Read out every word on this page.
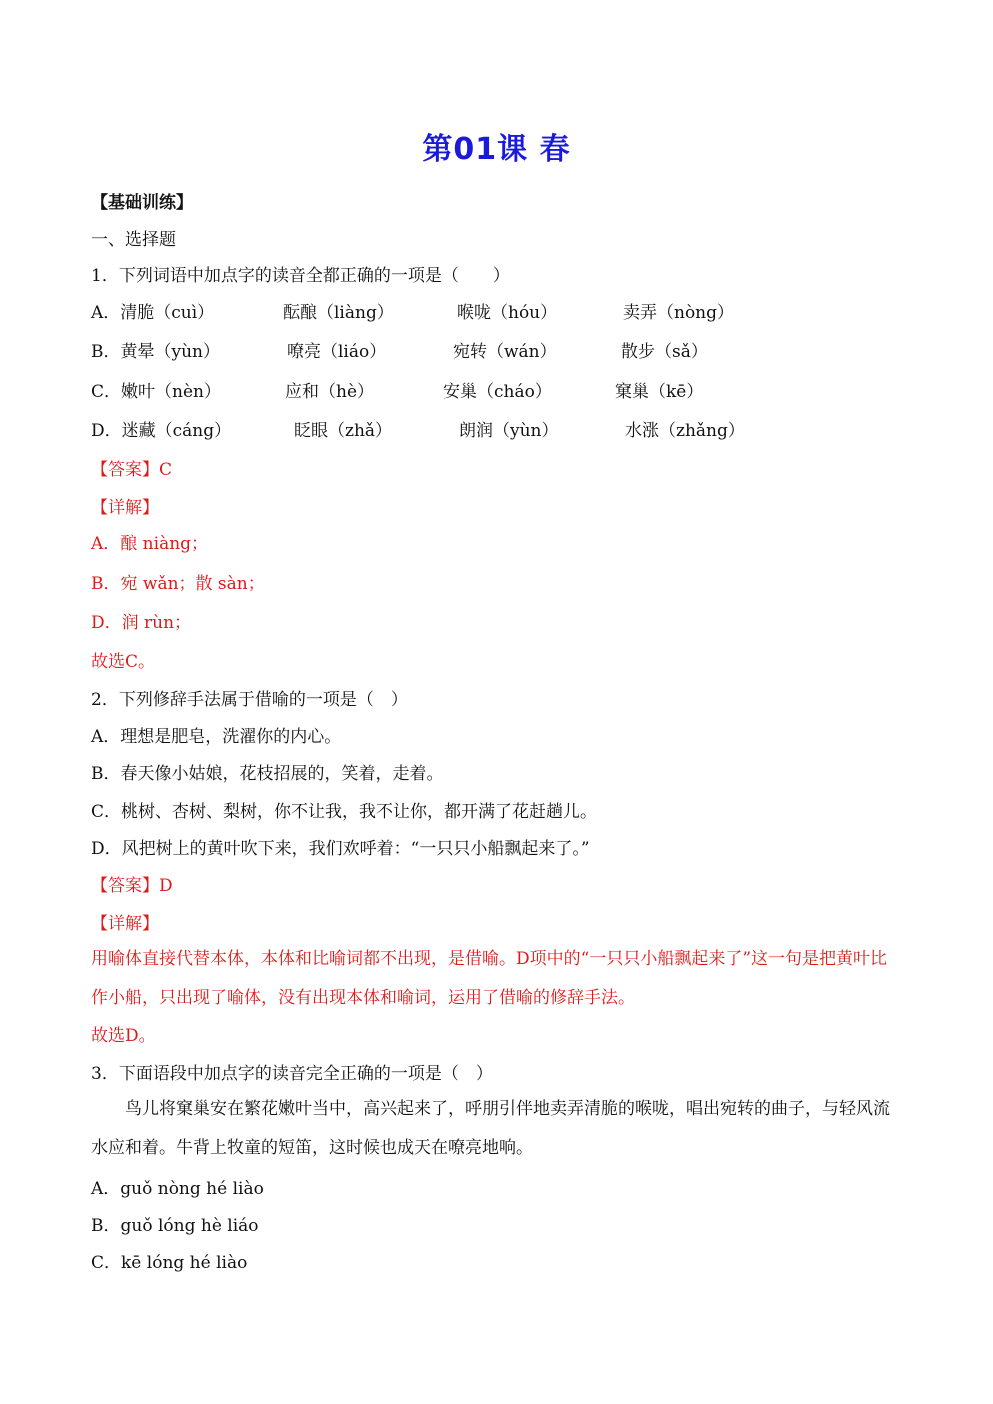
第01课 春
【基础训练】
一、选择题
1．下列词语中加点字的读音全都正确的一项是（　　）
A．清脆（cuì）	酝酿（liàng）	喉咙（hóu）	卖弄（nòng）
B．黄晕（yùn）	嘹亮（liáo）	宛转（wán）	散步（sǎ）
C．嫩叶（nèn）	应和（hè）	安巢（cháo）	窠巢（kē）
D．迷藏（cáng）	眨眼（zhǎ）	朗润（yùn）	水涨（zhǎng）
【答案】C
【详解】
A．酿 niàng；
B．宛 wǎn；散 sàn；
D．润 rùn；
故选C。
2．下列修辞手法属于借喻的一项是（　）
A．理想是肥皂，洗濯你的内心。
B．春天像小姑娘，花枝招展的，笑着，走着。
C．桃树、杏树、梨树，你不让我，我不让你，都开满了花赶趟儿。
D．风把树上的黄叶吹下来，我们欢呼着：“一只只小船飘起来了。”
【答案】D
【详解】
用喻体直接代替本体，本体和比喻词都不出现，是借喻。D项中的“一只只小船飘起来了”这一句是把黄叶比作小船，只出现了喻体，没有出现本体和喻词，运用了借喻的修辞手法。
故选D。
3．下面语段中加点字的读音完全正确的一项是（　）
鸟儿将窠巢安在繁花嫩叶当中，高兴起来了，呼朋引伴地卖弄清脆的喉咙，唱出宛转的曲子，与轻风流水应和着。牛背上牧童的短笛，这时候也成天在嘹亮地响。
A．guǒ nòng hé liào
B．guǒ lóng hè liáo
C．kē lóng hé liào
